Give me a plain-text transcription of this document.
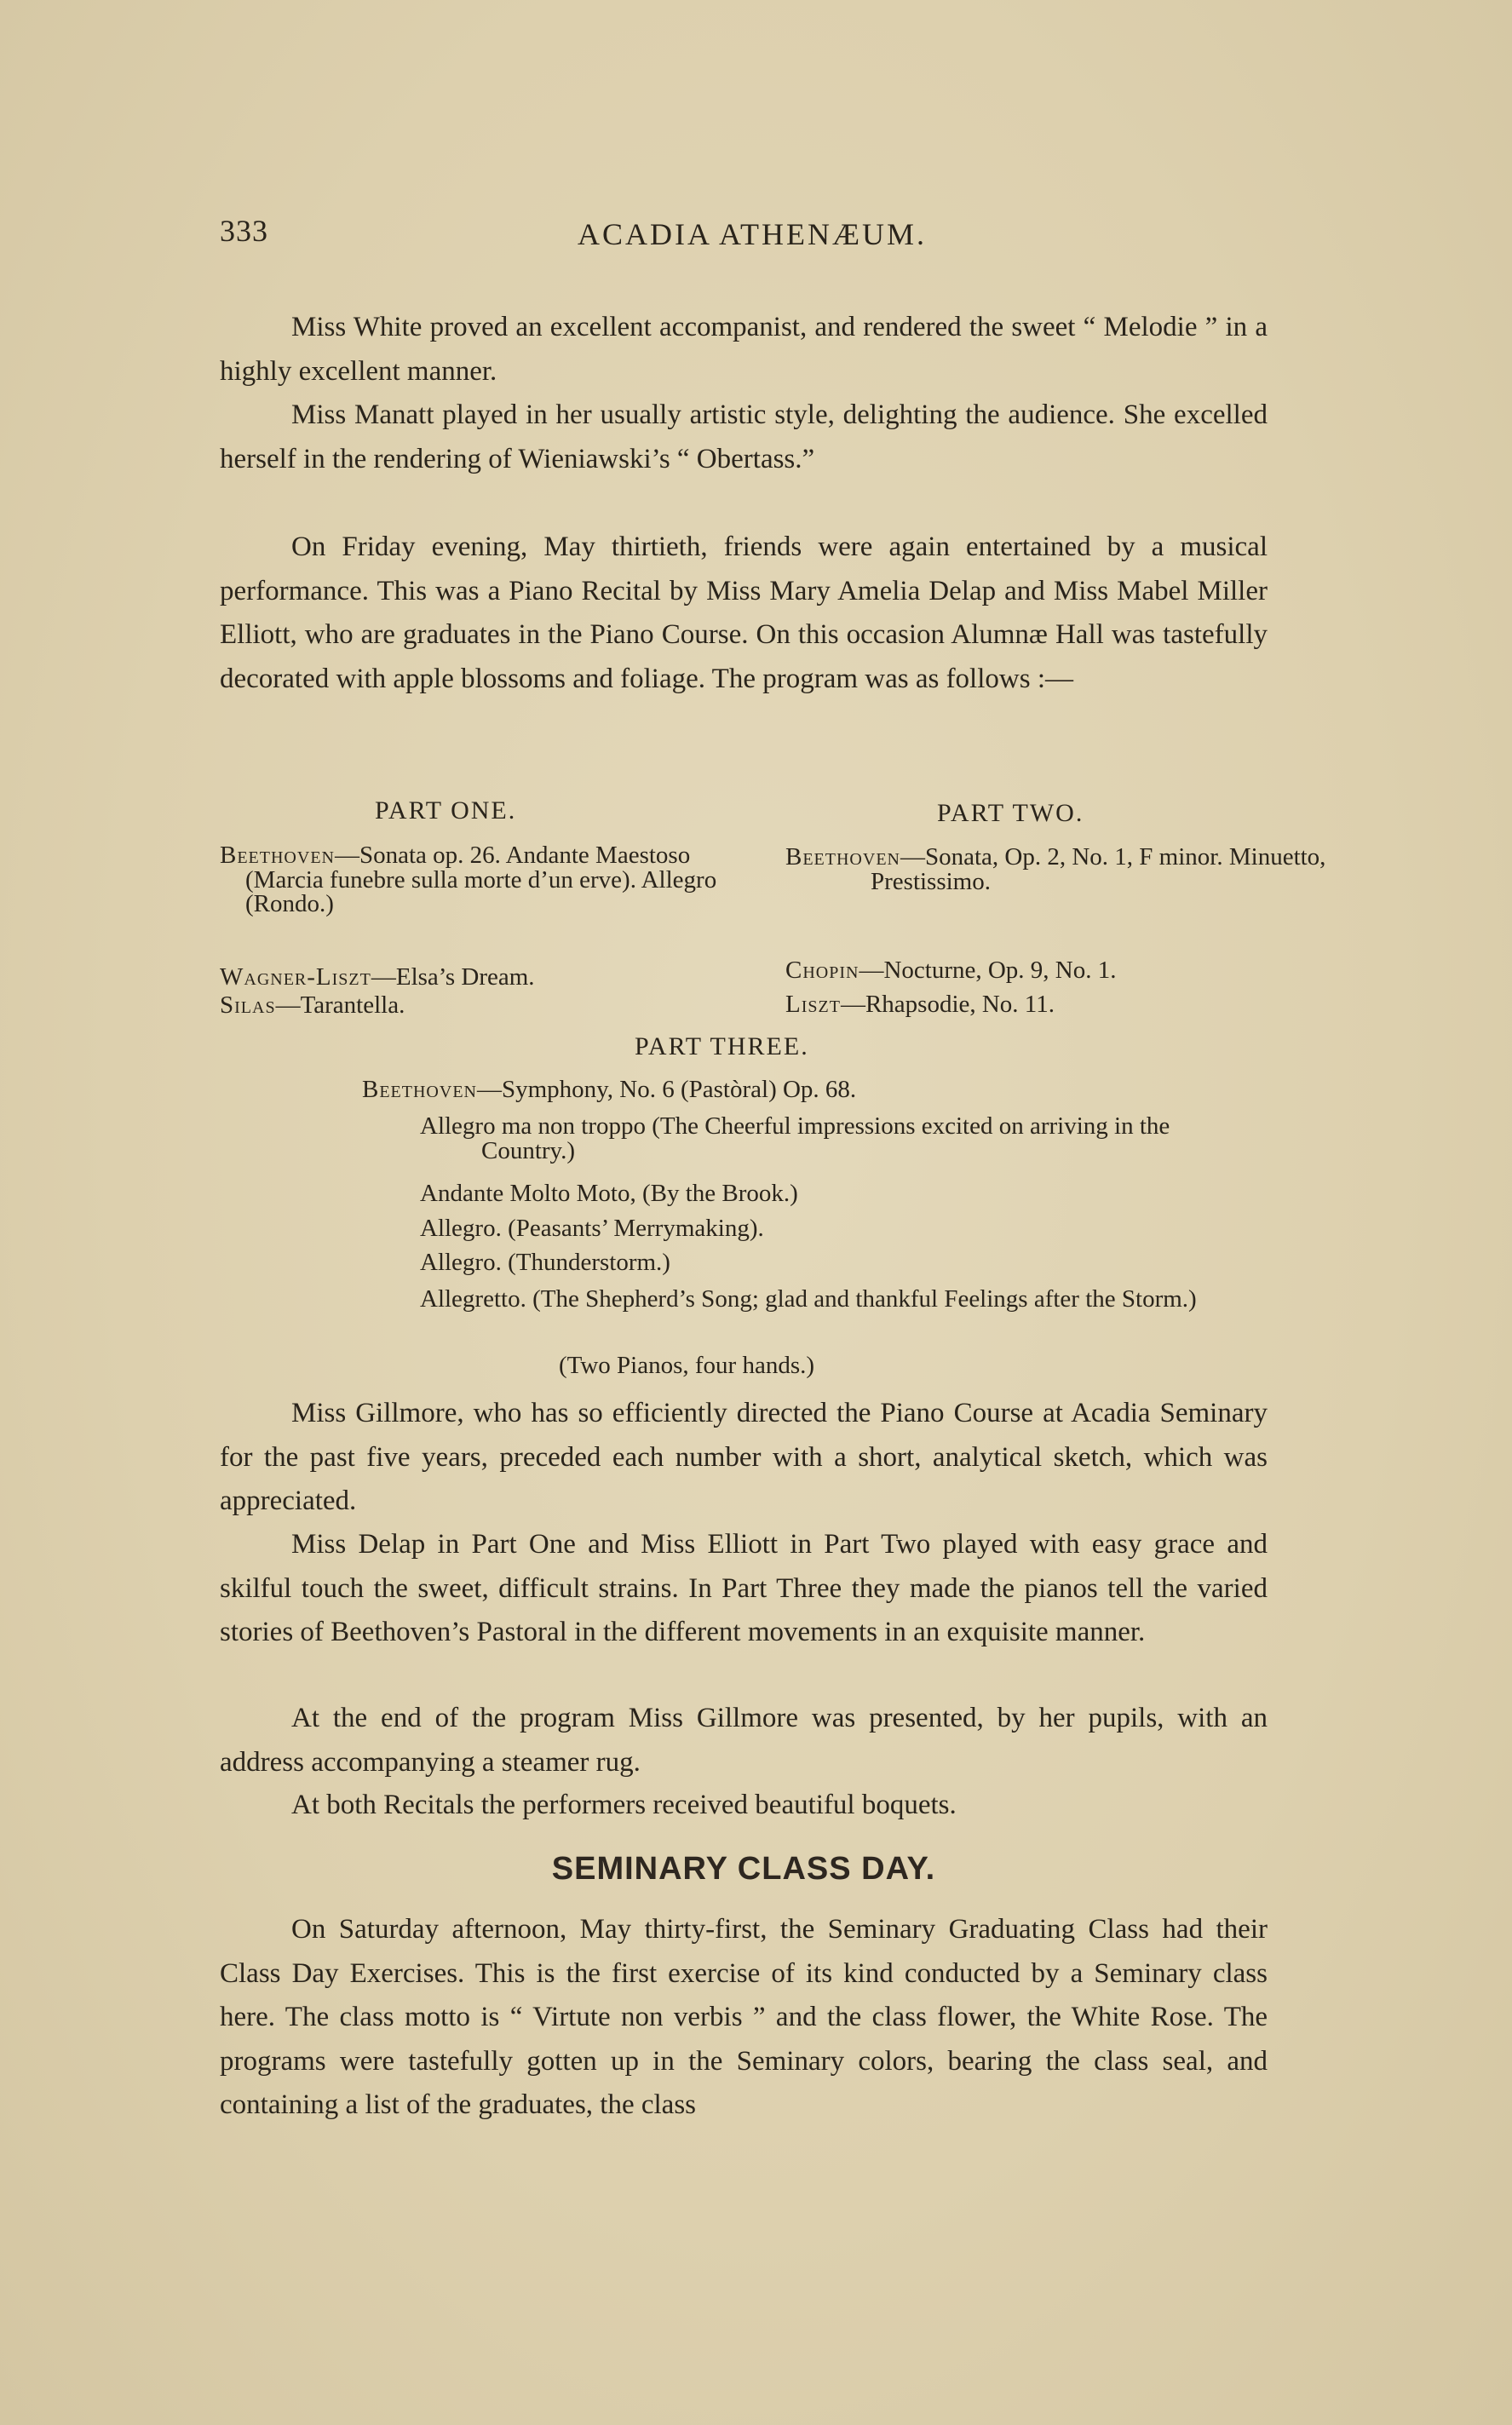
333	ACADIA ATHENÆUM.

Miss White proved an excellent accompanist, and rendered the sweet “ Melodie ” in a highly excellent manner.

Miss Manatt played in her usually artistic style, delighting the audience. She excelled herself in the rendering of Wieniawski’s “ Obertass.”

On Friday evening, May thirtieth, friends were again entertained by a musical performance. This was a Piano Recital by Miss Mary Amelia Delap and Miss Mabel Miller Elliott, who are graduates in the Piano Course. On this occasion Alumnæ Hall was tastefully decorated with apple blossoms and foliage. The program was as follows :—

PART ONE.

Beethoven—Sonata op. 26. Andante Maestoso (Marcia funebre sulla morte d’un erve). Allegro (Rondo.)

Wagner-Liszt—Elsa’s Dream.

Silas—Tarantella.

PART TWO.

Beethoven—Sonata, Op. 2, No. 1, F minor. Minuetto, Prestissimo.

Chopin—Nocturne, Op. 9, No. 1.

Liszt—Rhapsodie, No. 11.

PART THREE.

Beethoven—Symphony, No. 6 (Pastòral) Op. 68.

Allegro ma non troppo (The Cheerful impressions excited on arriving in the Country.)

Andante Molto Moto, (By the Brook.)

Allegro. (Peasants’ Merrymaking).

Allegro. (Thunderstorm.)

Allegretto. (The Shepherd’s Song; glad and thankful Feelings after the Storm.)

(Two Pianos, four hands.)

Miss Gillmore, who has so efficiently directed the Piano Course at Acadia Seminary for the past five years, preceded each number with a short, analytical sketch, which was appreciated.

Miss Delap in Part One and Miss Elliott in Part Two played with easy grace and skilful touch the sweet, difficult strains. In Part Three they made the pianos tell the varied stories of Beethoven’s Pastoral in the different movements in an exquisite manner.

At the end of the program Miss Gillmore was presented, by her pupils, with an address accompanying a steamer rug.

At both Recitals the performers received beautiful boquets.

SEMINARY CLASS DAY.

On Saturday afternoon, May thirty-first, the Seminary Graduating Class had their Class Day Exercises. This is the first exercise of its kind conducted by a Seminary class here. The class motto is “ Virtute non verbis ” and the class flower, the White Rose. The programs were tastefully gotten up in the Seminary colors, bearing the class seal, and containing a list of the graduates, the class
